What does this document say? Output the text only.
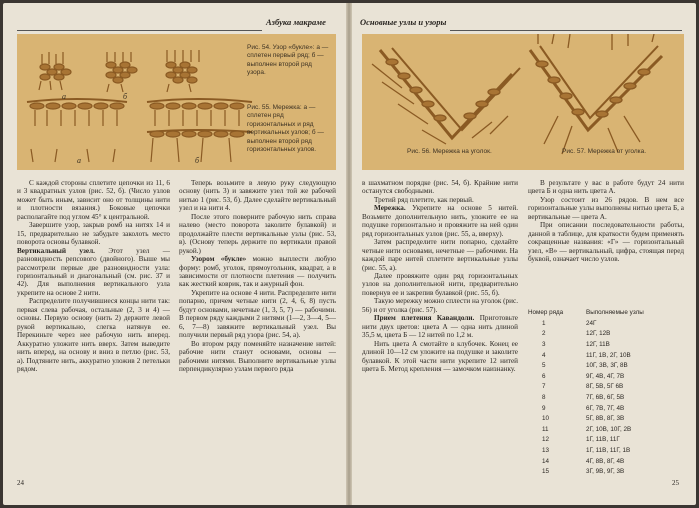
Азбука макраме
а	б
а	б
Рис. 54. Узор «букле»: а — сплетен первый ряд; б — выполнен второй ряд узора.
Рис. 55. Мережка: а — сплетен ряд горизонтальных и ряд вертикальных узлов; б — выполнен второй ряд горизонтальных узлов.

С каждой стороны сплетите цепочки из 11, 6 и 3 квадратных узлов (рис. 52, б). (Число узлов может быть иным, зависит оно от толщины нити и плотности вязания.) Боковые цепочки располагайте под углом 45° к центральной.

Завершите узор, закрыв ромб на нитях 14 и 15, предварительно не забудьте заколоть место поворота основы булавкой.

Вертикальный узел. Этот узел — разновидность репсового (двойного). Выше мы рассмотрели первые две разновидности узла: горизонтальный и диагональный (см. рис. 37 и 42). Для выполнения вертикального узла укрепите на основе 2 нити.

Распределите получившиеся концы нити так: первая слева рабочая, остальные (2, 3 и 4) — основы. Первую основу (нить 2) держите левой рукой вертикально, слегка натянув ее. Перекиньте через нее рабочую нить вперед. Аккуратно уложите нить вверх. Затем выведите нить вперед, на основу и вниз в петлю (рис. 53, а). Подтяните нить, аккуратно уложив 2 петельки рядом.

Теперь возьмите в левую руку следующую основу (нить 3) и завяжите узел той же рабочей нитью 1 (рис. 53, б). Далее сделайте вертикальный узел и на нити 4.

После этого поверните рабочую нить справа налево (место поворота заколите булавкой) и продолжайте плести вертикальные узлы (рис. 53, в). (Основу теперь держите по вертикали правой рукой.)

Узором «букле» можно выплести любую форму: ромб, уголок, прямоугольник, квадрат, а в зависимости от плотности плетения — получить как жесткий коврик, так и ажурный фон.

Укрепите на основе 4 нити. Распределите нити попарно, причем четные нити (2, 4, 6, 8) пусть будут основами, нечетные (1, 3, 5, 7) — рабочими. В первом ряду каждыми 2 нитями (1—2, 3—4, 5—6, 7—8) завяжите вертикальный узел. Вы получили первый ряд узора (рис. 54, а).

Во втором ряду поменяйте назначение нитей: рабочие нити станут основами, основы — рабочими нитями. Выполните вертикальные узлы перпендикулярно узлам первого ряда

24
Основные узлы и узоры
Рис. 56. Мережка на уголок.	Рис. 57. Мережка от уголка.

в шахматном порядке (рис. 54, б). Крайние нити останутся свободными.

Третий ряд плетите, как первый.

Мережка. Укрепите на основе 5 нитей. Возьмите дополнительную нить, уложите ее на подушке горизонтально и провяжите на ней один ряд горизонтальных узлов (рис. 55, а, вверху).

Затем распределите нити попарно, сделайте четные нити основами, нечетные — рабочими. На каждой паре нитей сплетите вертикальные узлы (рис. 55, а).

Далее провяжите один ряд горизонтальных узлов на дополнительной нити, предварительно повернув ее и закрепив булавкой (рис. 55, б).

Такую мережку можно сплести на уголок (рис. 56) и от уголка (рис. 57).

Прием плетения Кавандоли. Приготовьте нити двух цветов: цвета А — одна нить длиной 35,5 м, цвета Б — 12 нитей по 1,2 м.

Нить цвета А смотайте в клубочек. Конец ее длиной 10—12 см уложите на подушке и заколите булавкой. К этой части нити укрепите 12 нитей цвета Б. Метод крепления — замочком наизнанку.

В результате у вас в работе будут 24 нити цвета Б и одна нить цвета А.

Узор состоит из 26 рядов. В нем все горизонтальные узлы выполнены нитью цвета Б, а вертикальные — цвета А.

При описании последовательности работы, данной в таблице, для краткости будем применять сокращенные названия: «Г» — горизонтальный узел, «В» — вертикальный, цифра, стоящая перед буквой, означает число узлов.

Номер ряда	Выполняемые узлы
1	24Г
2	12Г, 12В
3	12Г, 11В
4	11Г, 1В, 2Г, 10В
5	10Г, 3В, 3Г, 8В
6	9Г, 4В, 4Г, 7В
7	8Г, 5В, 5Г 6В
8	7Г, 6В, 6Г, 5В
9	6Г, 7В, 7Г, 4В
10	5Г, 8В, 8Г, 3В
11	2Г, 10В, 10Г, 2В
12	1Г, 11В, 11Г
13	1Г, 11В, 11Г, 1В
14	4Г, 8В, 8Г, 4В
15	3Г, 9В, 9Г, 3В
25
